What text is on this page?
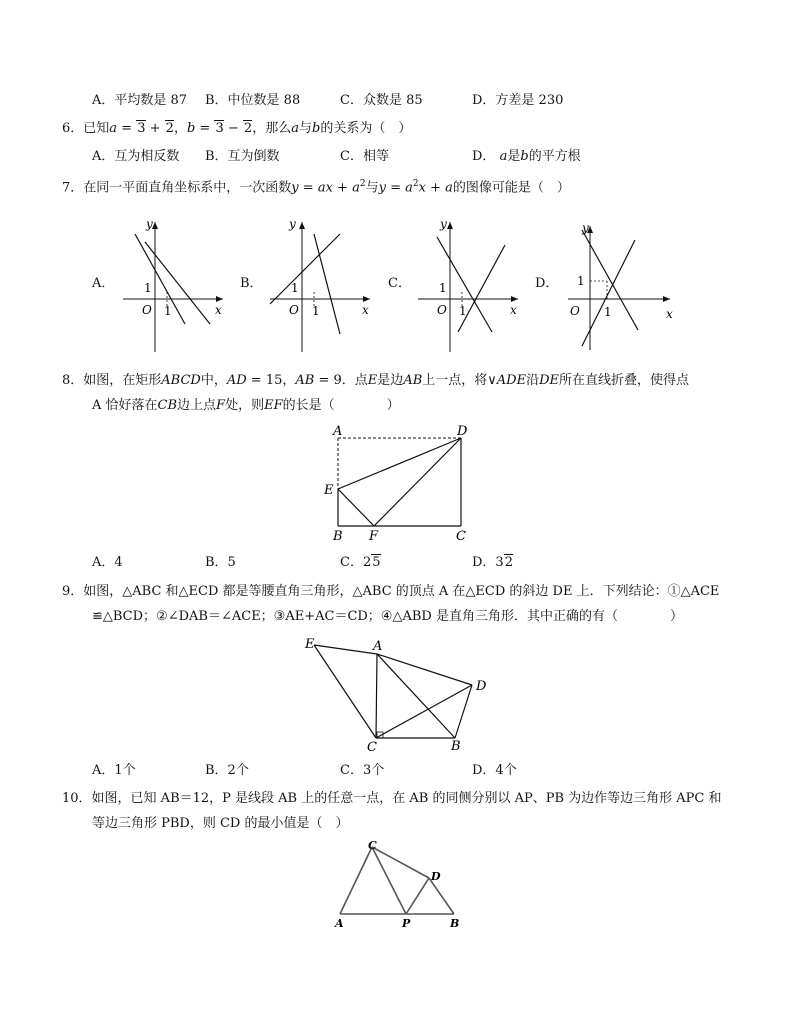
A．平均数是 87 B．中位数是 88	C．众数是 85	D．方差是 230
6．已知a = 3 + 2，b = 3 − 2，那么a与b的关系为（　）
A．互为相反数 B．互为倒数	C．相等	D． a是b的平方根
7．在同一平面直角坐标系中，一次函数y = ax + $a^2$与$y = a^2x + a$的图像可能是（　）
A．	B．	C．	D．
y
x
O
1
1
y
x
O
1
1
y
x
O
1
1
y
x
O
1
1
8．如图，在矩形ABCD中，AD = 15，AB = 9．点E是边AB上一点，将∨ADE沿DE所在直线折叠，使得点
A 恰好落在CB边上点F处，则EF的长是（　　　　）
A	D
E
B F	C
A．4	B．5	C．25	D．32
9．如图，△ABC 和△ECD 都是等腰直角三角形，△ABC 的顶点 A 在△ECD 的斜边 DE 上．下列结论：①△ACE
≌△BCD；②∠DAB＝∠ACE；③AE+AC＝CD；④△ABD 是直角三角形．其中正确的有（　　　　）
E	A
D
C	B
A．1个	B．2个	C．3个	D．4个
10．如图，已知 AB＝12，P 是线段 AB 上的任意一点，在 AB 的同侧分别以 AP、PB 为边作等边三角形 APC 和
等边三角形 PBD，则 CD 的最小值是（　）
C
D
A	P	B
